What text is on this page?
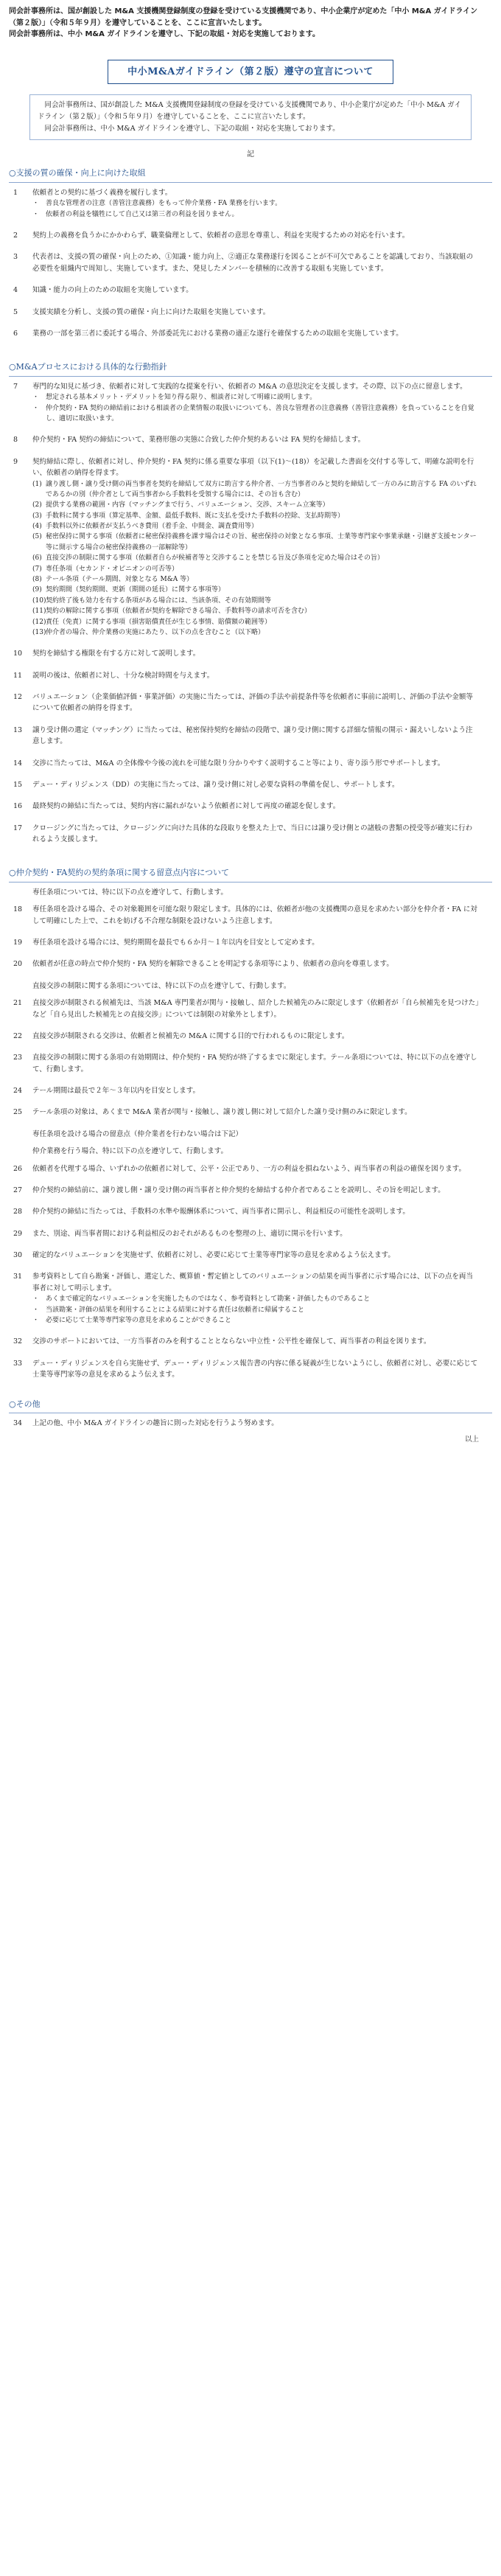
同会計事務所は、国が創設した M&A 支援機関登録制度の登録を受けている支援機関であり、中小企業庁が定めた「中小 M&A ガイドライン（第２版）」（令和５年９月）を遵守していることを、ここに宣言いたします。

同会計事務所は、中小 M&A ガイドラインを遵守し、下記の取組・対応を実施しております。

中小M&Aガイドライン（第２版）遵守の宣言について

同会計事務所は、国が創設した M&A 支援機関登録制度の登録を受けている支援機関であり、中小企業庁が定めた「中小 M&A ガイドライン（第２版）」（令和５年９月）を遵守していることを、ここに宣言いたします。

同会計事務所は、中小 M&A ガイドラインを遵守し、下記の取組・対応を実施しております。

記
○支援の質の確保・向上に向けた取組
1	依頼者との契約に基づく義務を履行します。
・ 善良な管理者の注意（善管注意義務）をもって仲介業務・FA 業務を行います。
・ 依頼者の利益を犠牲にして自己又は第三者の利益を図りません。
2	契約上の義務を負うかにかかわらず、職業倫理として、依頼者の意思を尊重し、利益を実現するための対応を行います。
3	代表者は、支援の質の確保・向上のため、①知識・能力向上、②適正な業務遂行を図ることが不可欠であることを認識しており、当該取組の必要性を組織内で周知し、実施しています。また、発見したメンバーを積極的に改善する取組も実施しています。
4	知識・能力の向上のための取組を実施しています。
5	支援実績を分析し、支援の質の確保・向上に向けた取組を実施しています。
6	業務の一部を第三者に委託する場合、外部委託先における業務の適正な遂行を確保するための取組を実施しています。
○M&Aプロセスにおける具体的な行動指針
7	専門的な知見に基づき、依頼者に対して実践的な提案を行い、依頼者の M&A の意思決定を支援します。その際、以下の点に留意します。
・ 想定される基本メリット・デメリットを知り得る限り、相談者に対して明確に説明します。
・ 仲介契約・FA 契約の締結前における相談者の企業情報の取扱いについても、善良な管理者の注意義務（善管注意義務）を負っていることを自覚し、適切に取扱います。
8	仲介契約・FA 契約の締結について、業務形態の実態に合致した仲介契約あるいは FA 契約を締結します。
9	契約締結に際し、依頼者に対し、仲介契約・FA 契約に係る重要な事項（以下(1)〜(18)）を記載した書面を交付する等して、明確な説明を行い、依頼者の納得を得ます。
(1) 譲り渡し側・譲り受け側の両当事者を契約を締結して双方に助言する仲介者、一方当事者のみと契約を締結して一方のみに助言する FA のいずれであるかの別（仲介者として両当事者から手数料を受領する場合には、その旨も含む）
(2) 提供する業務の範囲・内容（マッチングまで行う、バリュエーション、交渉、スキーム立案等）
(3) 手数料に関する事項（算定基準、金額、最低手数料、既に支払を受けた手数料の控除、支払時期等）
(4) 手数料以外に依頼者が支払うべき費用（着手金、中間金、調査費用等）
(5) 秘密保持に関する事項（依頼者に秘密保持義務を課す場合はその旨、秘密保持の対象となる事項、士業等専門家や事業承継・引継ぎ支援センター等に開示する場合の秘密保持義務の一部解除等）
(6) 直接交渉の制限に関する事項（依頼者自らが候補者等と交渉することを禁じる旨及び条項を定めた場合はその旨）
(7) 専任条項（セカンド・オピニオンの可否等）
(8) テール条項（テール期間、対象となる M&A 等）
(9) 契約期間（契約期間、更新（期間の延長）に関する事項等）
(10) 契約終了後も効力を有する条項がある場合には、当該条項、その有効期間等
(11) 契約の解除に関する事項（依頼者が契約を解除できる場合、手数料等の請求可否を含む）
(12) 責任（免責）に関する事項（損害賠償責任が生じる事情、賠償額の範囲等）
(13) 仲介者の場合、仲介業務の実施にあたり、以下の点を含むこと（以下略）
10	契約を締結する権限を有する方に対して説明します。
11	説明の後は、依頼者に対し、十分な検討時間を与えます。
12	バリュエーション（企業価値評価・事業評価）の実施に当たっては、評価の手法や前提条件等を依頼者に事前に説明し、評価の手法や金額等について依頼者の納得を得ます。
13	譲り受け側の選定（マッチング）に当たっては、秘密保持契約を締結の段階で、譲り受け側に関する詳細な情報の開示・漏えいしないよう注意します。
14	交渉に当たっては、M&A の全体像や今後の流れを可能な限り分かりやすく説明すること等により、寄り添う形でサポートします。
15	デュー・ディリジェンス（DD）の実施に当たっては、譲り受け側に対し必要な資料の準備を促し、サポートします。
16	最終契約の締結に当たっては、契約内容に漏れがないよう依頼者に対して再度の確認を促します。
17	クロージングに当たっては、クロージングに向けた具体的な段取りを整えた上で、当日には譲り受け側との諸般の書類の授受等が確実に行われるよう支援します。
○仲介契約・FA契約の契約条項に関する留意点内容について
専任条項については、特に以下の点を遵守して、行動します。
18	専任条項を設ける場合、その対象範囲を可能な限り限定します。具体的には、依頼者が他の支援機関の意見を求めたい部分を仲介者・FA に対して明確にした上で、これを妨げる不合理な制限を設けないよう注意します。
19	専任条項を設ける場合には、契約期間を最長でも６か月〜１年以内を目安として定めます。
20	依頼者が任意の時点で仲介契約・FA 契約を解除できることを明記する条項等により、依頼者の意向を尊重します。
直接交渉の制限に関する条項については、特に以下の点を遵守して、行動します。
21	直接交渉が制限される候補先は、当該 M&A 専門業者が関与・接触し、紹介した候補先のみに限定します（依頼者が「自ら候補先を見つけた」など「自ら見出した候補先との直接交渉」については制限の対象外とします）。
22	直接交渉が制限される交渉は、依頼者と候補先の M&A に関する目的で行われるものに限定します。
23	直接交渉の制限に関する条項の有効期間は、仲介契約・FA 契約が終了するまでに限定します。テール条項については、特に以下の点を遵守して、行動します。
24	テール期間は最長で２年〜３年以内を目安とします。
25	テール条項の対象は、あくまで M&A 業者が関与・接触し、譲り渡し側に対して紹介した譲り受け側のみに限定します。
専任条項を設ける場合の留意点（仲介業者を行わない場合は下記）
仲介業務を行う場合、特に以下の点を遵守して、行動します。
26	依頼者を代理する場合、いずれかの依頼者に対して、公平・公正であり、一方の利益を損ねないよう、両当事者の利益の確保を図ります。
27	仲介契約の締結前に、譲り渡し側・譲り受け側の両当事者と仲介契約を締結する仲介者であることを説明し、その旨を明記します。
28	仲介契約の締結に当たっては、手数料の水準や報酬体系について、両当事者に開示し、利益相反の可能性を説明します。
29	また、別途、両当事者間における利益相反のおそれがあるものを整理の上、適切に開示を行います。
30	確定的なバリュエーションを実施せず、依頼者に対し、必要に応じて士業等専門家等の意見を求めるよう伝えます。
31	参考資料として自ら勘案・評価し、選定した、概算値・暫定値としてのバリュエーションの結果を両当事者に示す場合には、以下の点を両当事者に対して明示します。
・ あくまで確定的なバリュエーションを実施したものではなく、参考資料として勘案・評価したものであること
・ 当該勘案・評価の結果を利用することによる結果に対する責任は依頼者に帰属すること
・ 必要に応じて士業等専門家等の意見を求めることができること
32	交渉のサポートにおいては、一方当事者のみを利することとならない中立性・公平性を確保して、両当事者の利益を図ります。
33	デュー・ディリジェンスを自ら実施せず、デュー・ディリジェンス報告書の内容に係る疑義が生じないようにし、依頼者に対し、必要に応じて士業等専門家等の意見を求めるよう伝えます。
○その他
34	上記の他、中小 M&A ガイドラインの趣旨に則った対応を行うよう努めます。
以上
